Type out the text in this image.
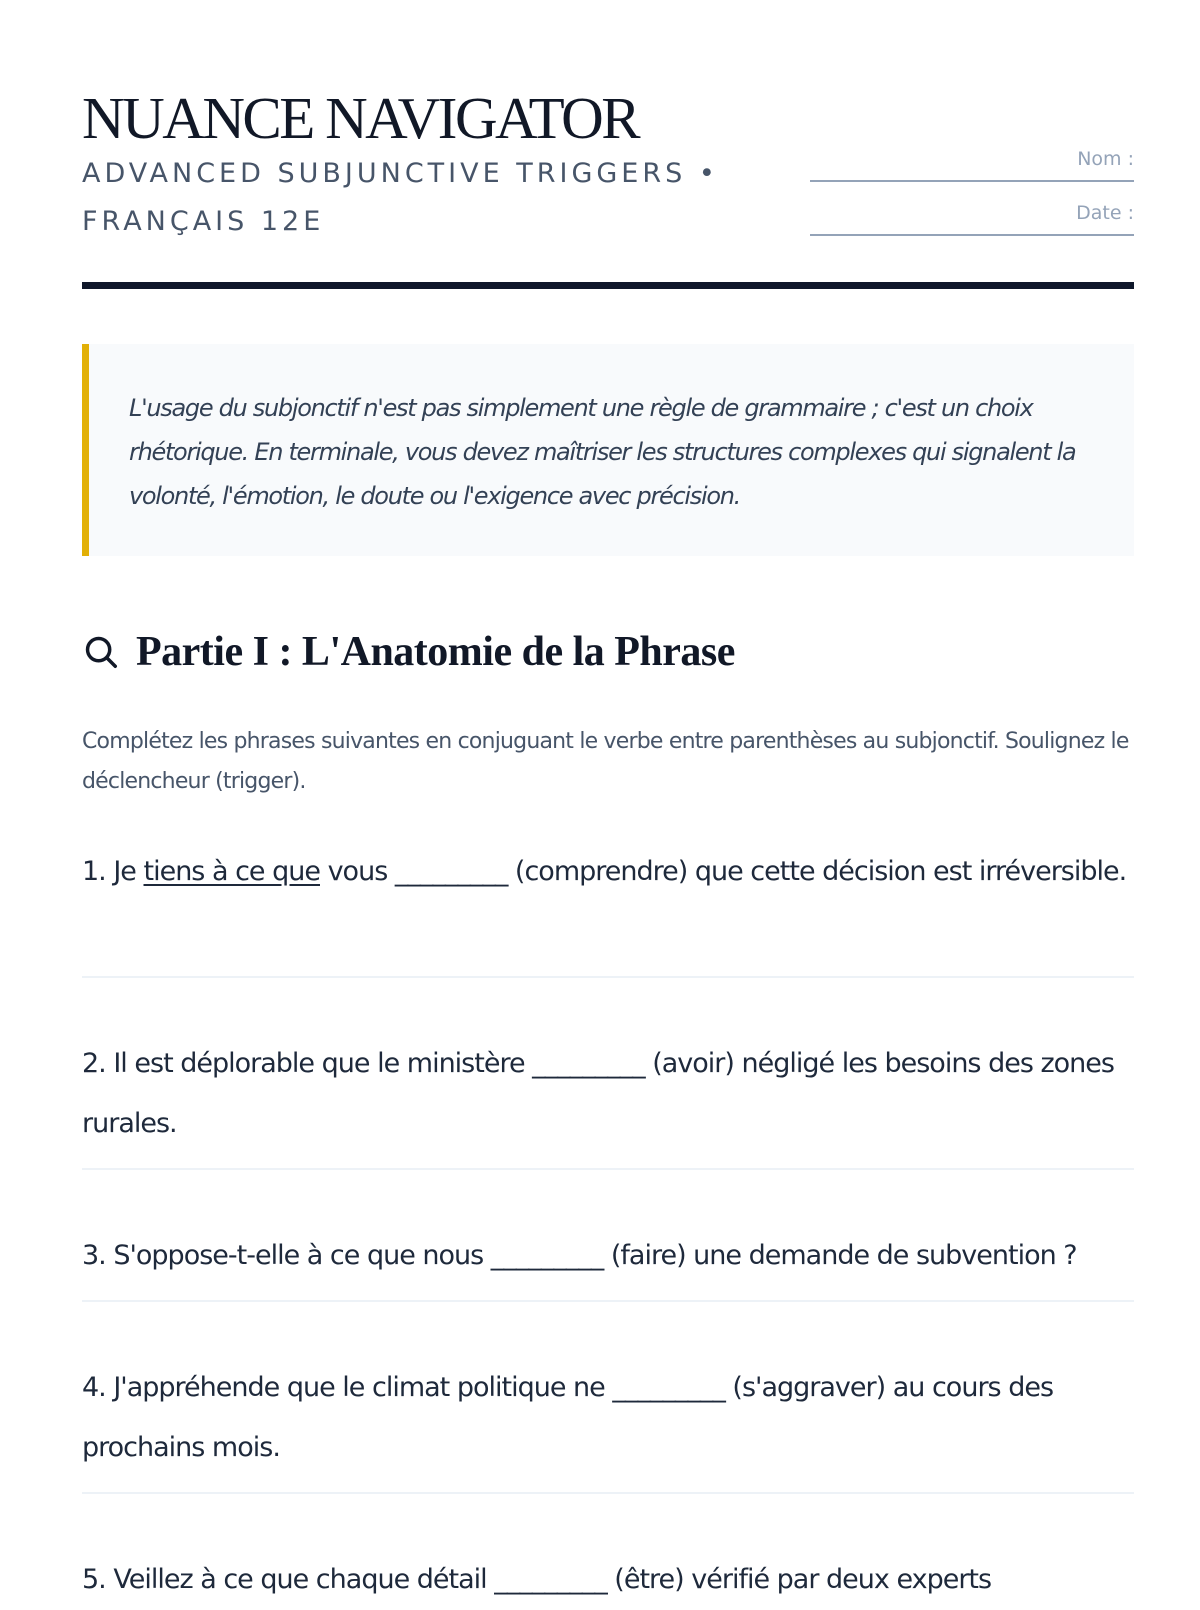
NUANCE NAVIGATOR

ADVANCED SUBJUNCTIVE TRIGGERS • FRANÇAIS 12E

Nom :
Date :

L'usage du subjonctif n'est pas simplement une règle de grammaire ; c'est un choix rhétorique. En terminale, vous devez maîtriser les structures complexes qui signalent la volonté, l'émotion, le doute ou l'exigence avec précision.

Partie I : L'Anatomie de la Phrase

Complétez les phrases suivantes en conjuguant le verbe entre parenthèses au subjonctif. Soulignez le déclencheur (trigger).

1. Je tiens à ce que vous _________ (comprendre) que cette décision est irréversible.

2. Il est déplorable que le ministère _________ (avoir) négligé les besoins des zones rurales.

3. S'oppose-t-elle à ce que nous _________ (faire) une demande de subvention ?

4. J'appréhende que le climat politique ne _________ (s'aggraver) au cours des prochains mois.

5. Veillez à ce que chaque détail _________ (être) vérifié par deux experts
